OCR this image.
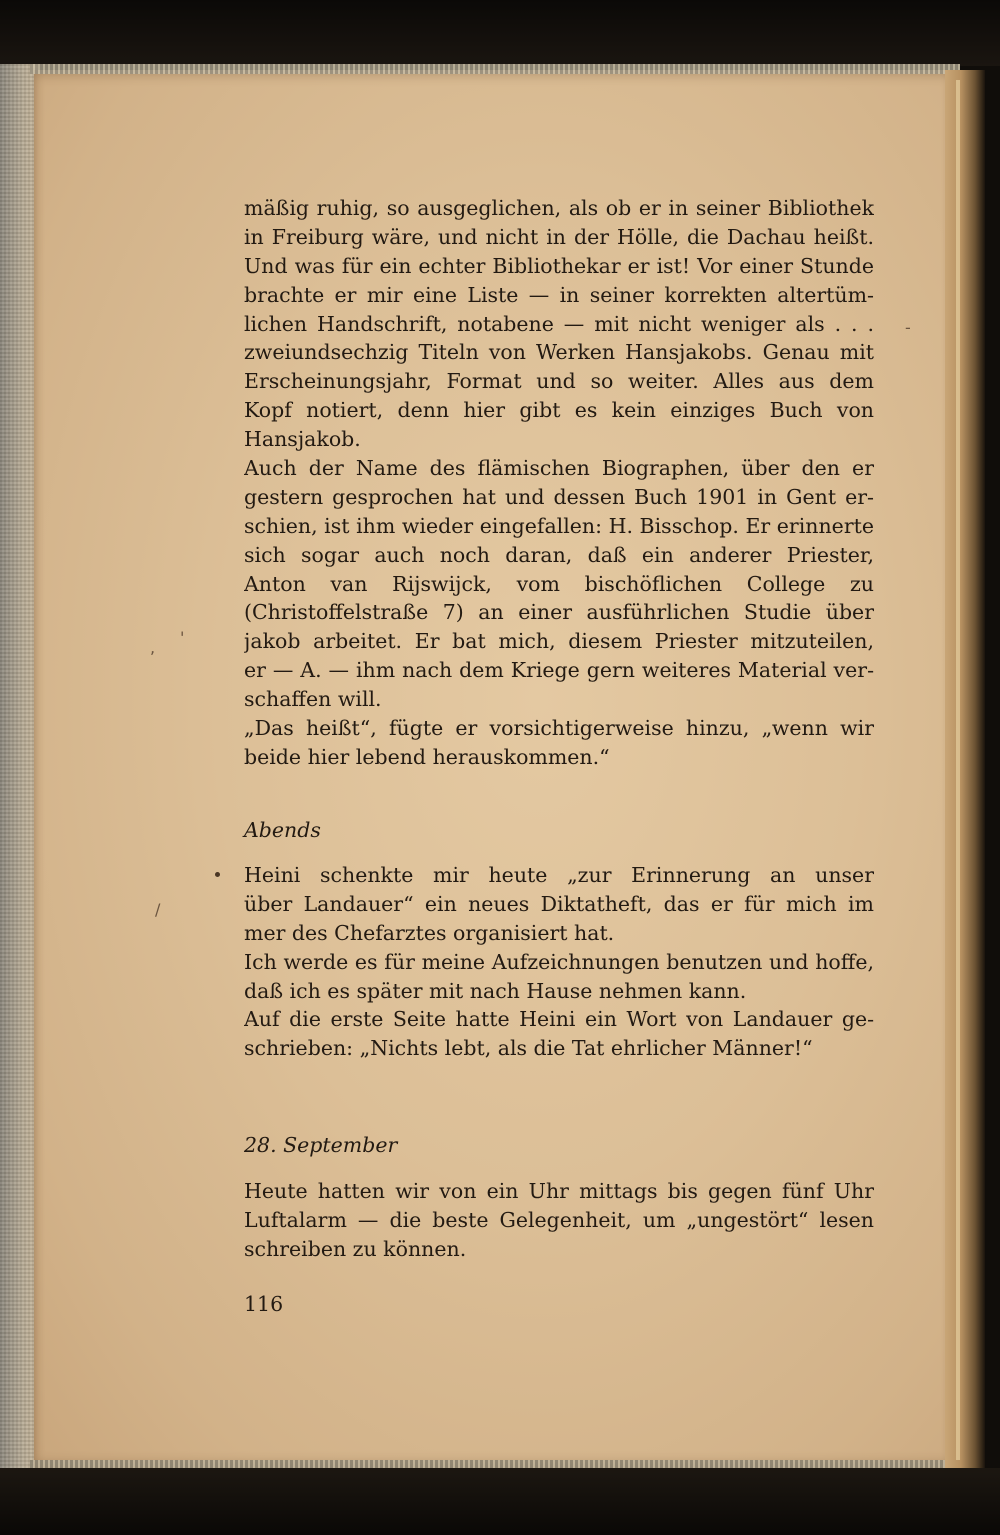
,
'
-
/
mäßig ruhig, so ausgeglichen, als ob er in seiner Bibliothek
in Freiburg wäre, und nicht in der Hölle, die Dachau heißt.
Und was für ein echter Bibliothekar er ist! Vor einer Stunde
brachte er mir eine Liste — in seiner korrekten altertüm-
lichen Handschrift, notabene — mit nicht weniger als . . .
zweiundsechzig Titeln von Werken Hansjakobs. Genau mit
Erscheinungsjahr, Format und so weiter. Alles aus dem
Kopf notiert, denn hier gibt es kein einziges Buch von
Hansjakob.
Auch der Name des flämischen Biographen, über den er
gestern gesprochen hat und dessen Buch 1901 in Gent er-
schien, ist ihm wieder eingefallen: H. Bisschop. Er erinnerte
sich sogar auch noch daran, daß ein anderer Priester,
Anton van Rijswijck, vom bischöflichen College zu
(Christoffelstraße 7) an einer ausführlichen Studie über
jakob arbeitet. Er bat mich, diesem Priester mitzuteilen,
er — A. — ihm nach dem Kriege gern weiteres Material ver-
schaffen will.
„Das heißt“, fügte er vorsichtigerweise hinzu, „wenn wir
beide hier lebend herauskommen.“
Abends
Heini schenkte mir heute „zur Erinnerung an unser
über Landauer“ ein neues Diktatheft, das er für mich im
mer des Chefarztes organisiert hat.
Ich werde es für meine Aufzeichnungen benutzen und hoffe,
daß ich es später mit nach Hause nehmen kann.
Auf die erste Seite hatte Heini ein Wort von Landauer ge-
schrieben: „Nichts lebt, als die Tat ehrlicher Männer!“
28. September
Heute hatten wir von ein Uhr mittags bis gegen fünf Uhr
Luftalarm — die beste Gelegenheit, um „ungestört“ lesen
schreiben zu können.
116
